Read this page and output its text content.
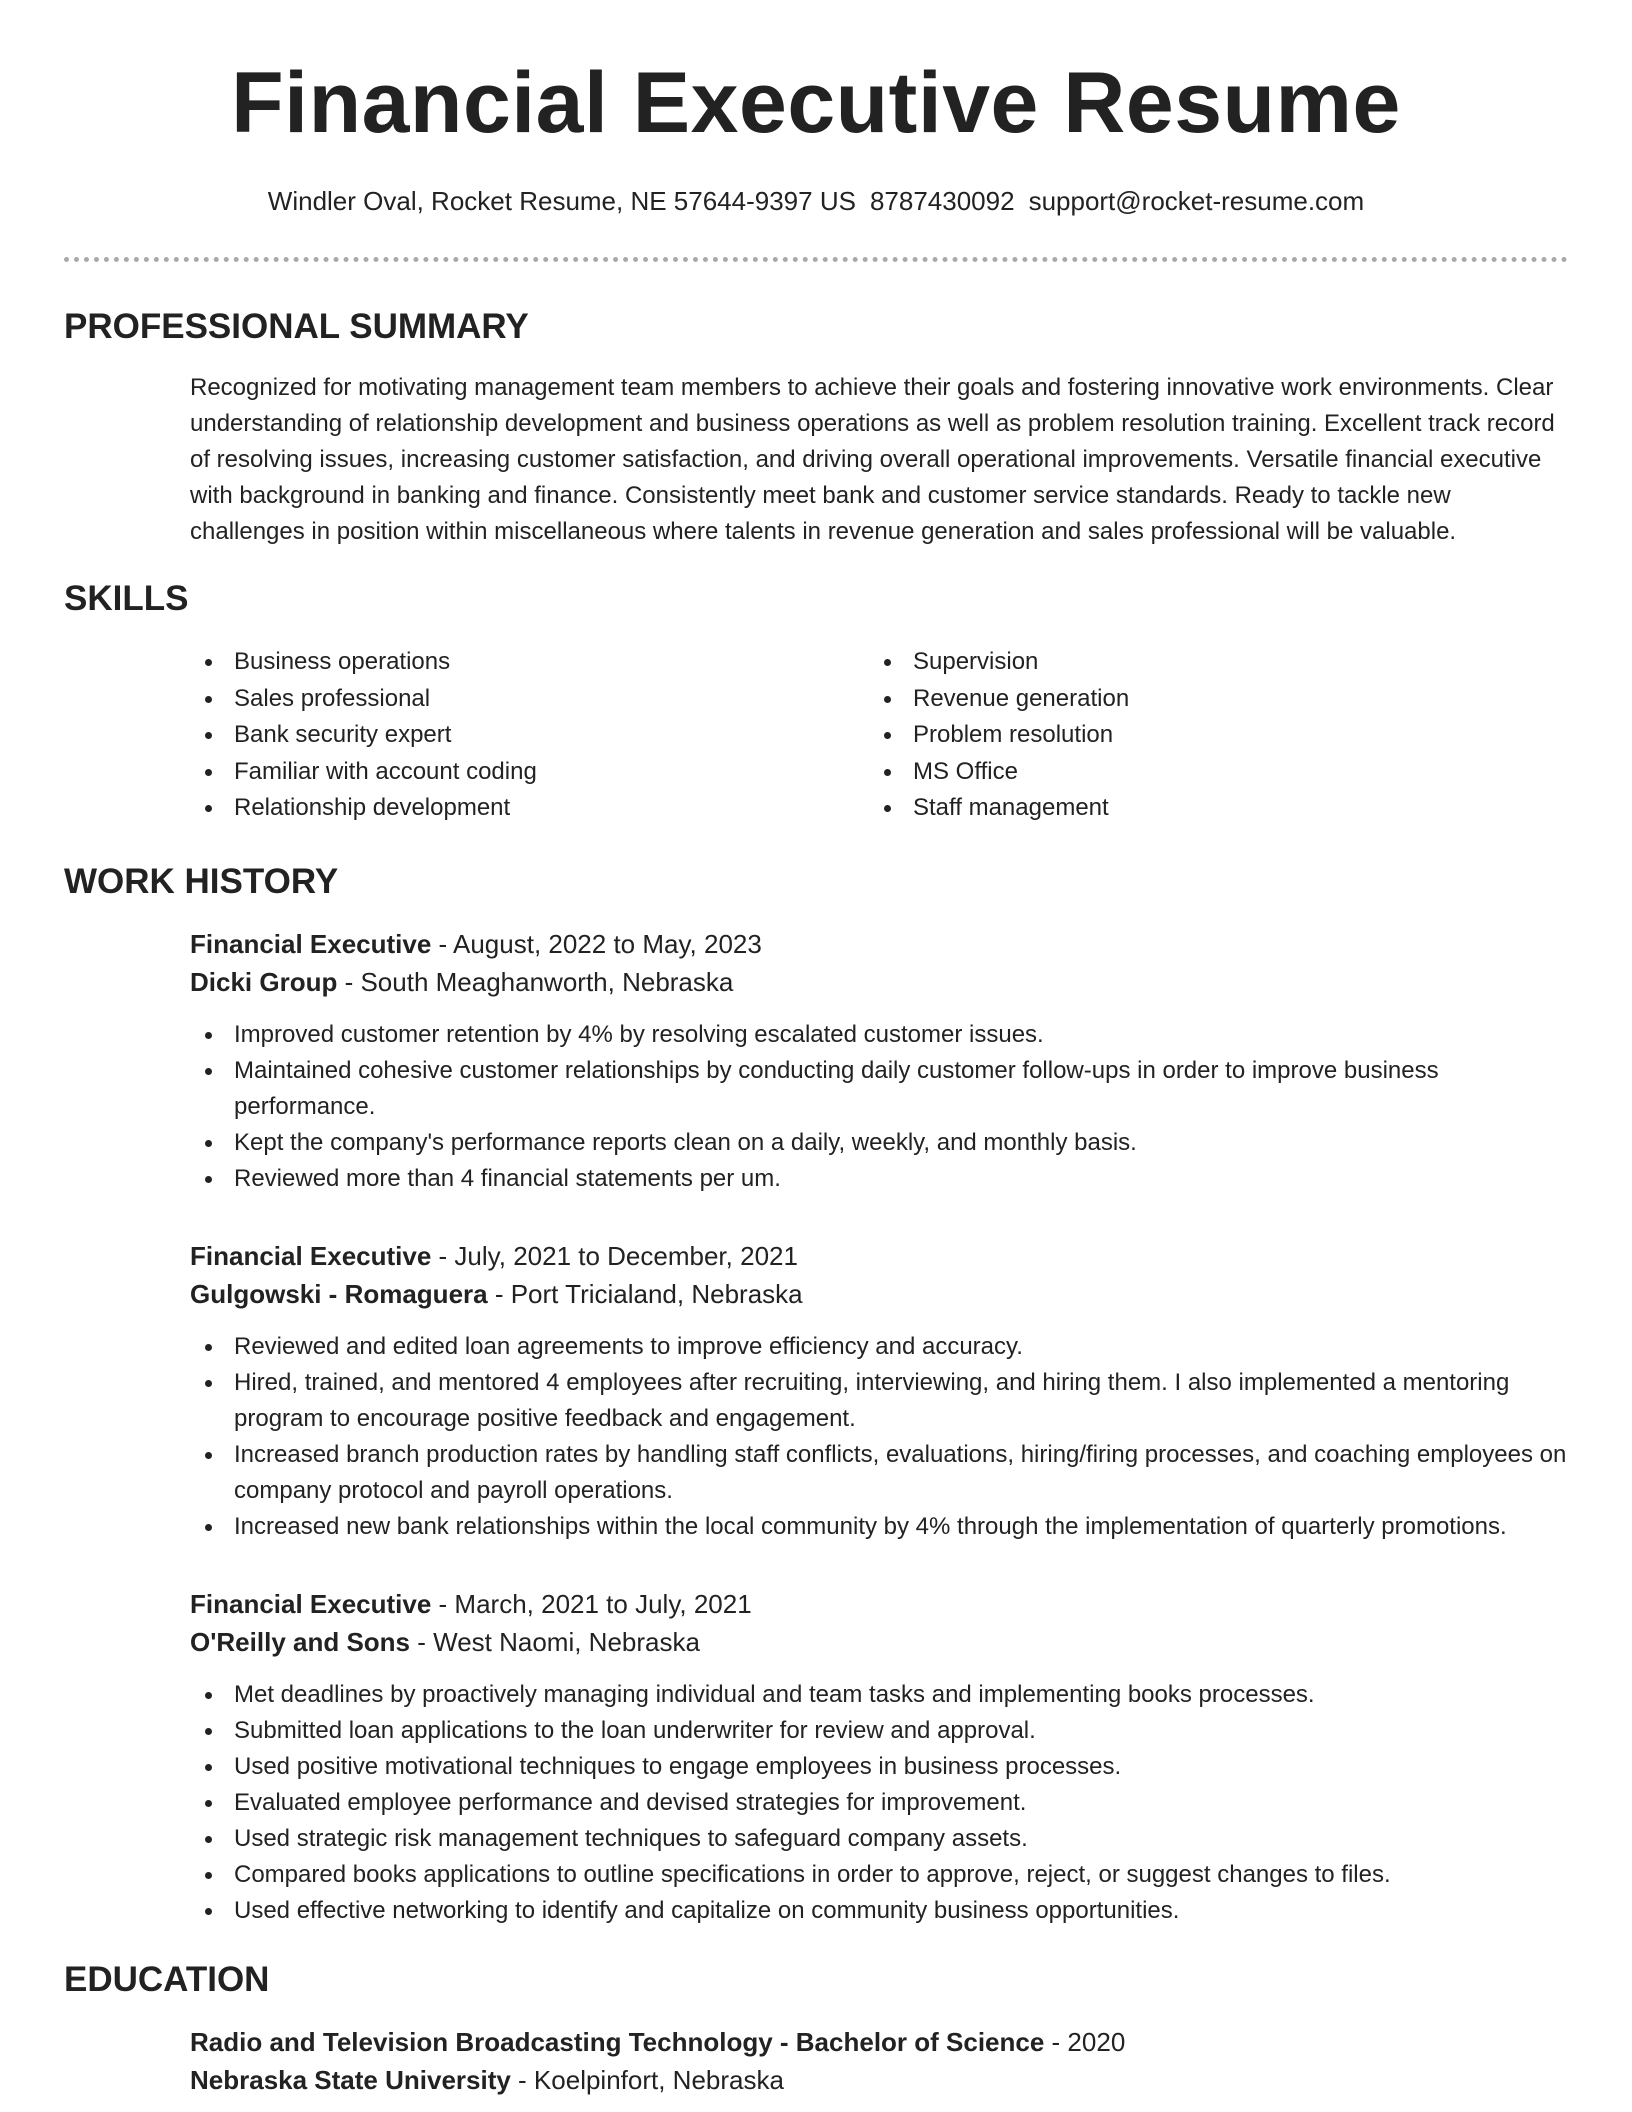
Financial Executive Resume
Windler Oval, Rocket Resume, NE 57644-9397 US 8787430092 support@rocket-resume.com
PROFESSIONAL SUMMARY

Recognized for motivating management team members to achieve their goals and fostering innovative work environments. Clear understanding of relationship development and business operations as well as problem resolution training. Excellent track record of resolving issues, increasing customer satisfaction, and driving overall operational improvements. Versatile financial executive with background in banking and finance. Consistently meet bank and customer service standards. Ready to tackle new challenges in position within miscellaneous where talents in revenue generation and sales professional will be valuable.

SKILLS
Business operations
Sales professional
Bank security expert
Familiar with account coding
Relationship development
Supervision
Revenue generation
Problem resolution
MS Office
Staff management
WORK HISTORY
Financial Executive - August, 2022 to May, 2023
Dicki Group - South Meaghanworth, Nebraska
Improved customer retention by 4% by resolving escalated customer issues.
Maintained cohesive customer relationships by conducting daily customer follow-ups in order to improve business performance.
Kept the company's performance reports clean on a daily, weekly, and monthly basis.
Reviewed more than 4 financial statements per um.
Financial Executive - July, 2021 to December, 2021
Gulgowski - Romaguera - Port Tricialand, Nebraska
Reviewed and edited loan agreements to improve efficiency and accuracy.
Hired, trained, and mentored 4 employees after recruiting, interviewing, and hiring them. I also implemented a mentoring program to encourage positive feedback and engagement.
Increased branch production rates by handling staff conflicts, evaluations, hiring/firing processes, and coaching employees on company protocol and payroll operations.
Increased new bank relationships within the local community by 4% through the implementation of quarterly promotions.
Financial Executive - March, 2021 to July, 2021
O'Reilly and Sons - West Naomi, Nebraska
Met deadlines by proactively managing individual and team tasks and implementing books processes.
Submitted loan applications to the loan underwriter for review and approval.
Used positive motivational techniques to engage employees in business processes.
Evaluated employee performance and devised strategies for improvement.
Used strategic risk management techniques to safeguard company assets.
Compared books applications to outline specifications in order to approve, reject, or suggest changes to files.
Used effective networking to identify and capitalize on community business opportunities.
EDUCATION
Radio and Television Broadcasting Technology - Bachelor of Science - 2020
Nebraska State University - Koelpinfort, Nebraska
